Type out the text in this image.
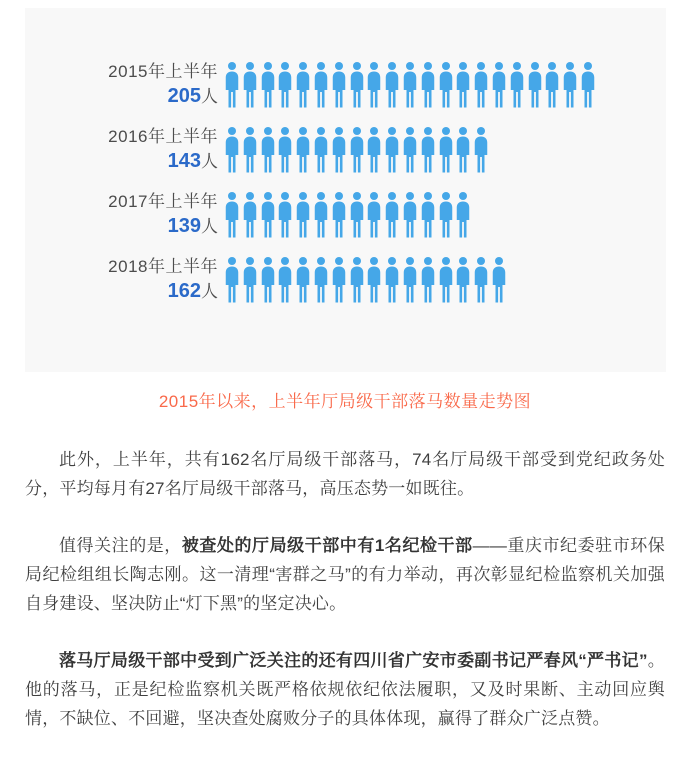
2015年上半年
205人
2016年上半年
143人
2017年上半年
139人
2018年上半年
162人
2015年以来，上半年厅局级干部落马数量走势图

此外，上半年，共有162名厅局级干部落马，74名厅局级干部受到党纪政务处分，平均每月有27名厅局级干部落马，高压态势一如既往。

值得关注的是，被查处的厅局级干部中有1名纪检干部——重庆市纪委驻市环保局纪检组组长陶志刚。这一清理“害群之马”的有力举动，再次彰显纪检监察机关加强自身建设、坚决防止“灯下黑”的坚定决心。

落马厅局级干部中受到广泛关注的还有四川省广安市委副书记严春风“严书记”。他的落马，正是纪检监察机关既严格依规依纪依法履职，又及时果断、主动回应舆情，不缺位、不回避，坚决查处腐败分子的具体体现，赢得了群众广泛点赞。
